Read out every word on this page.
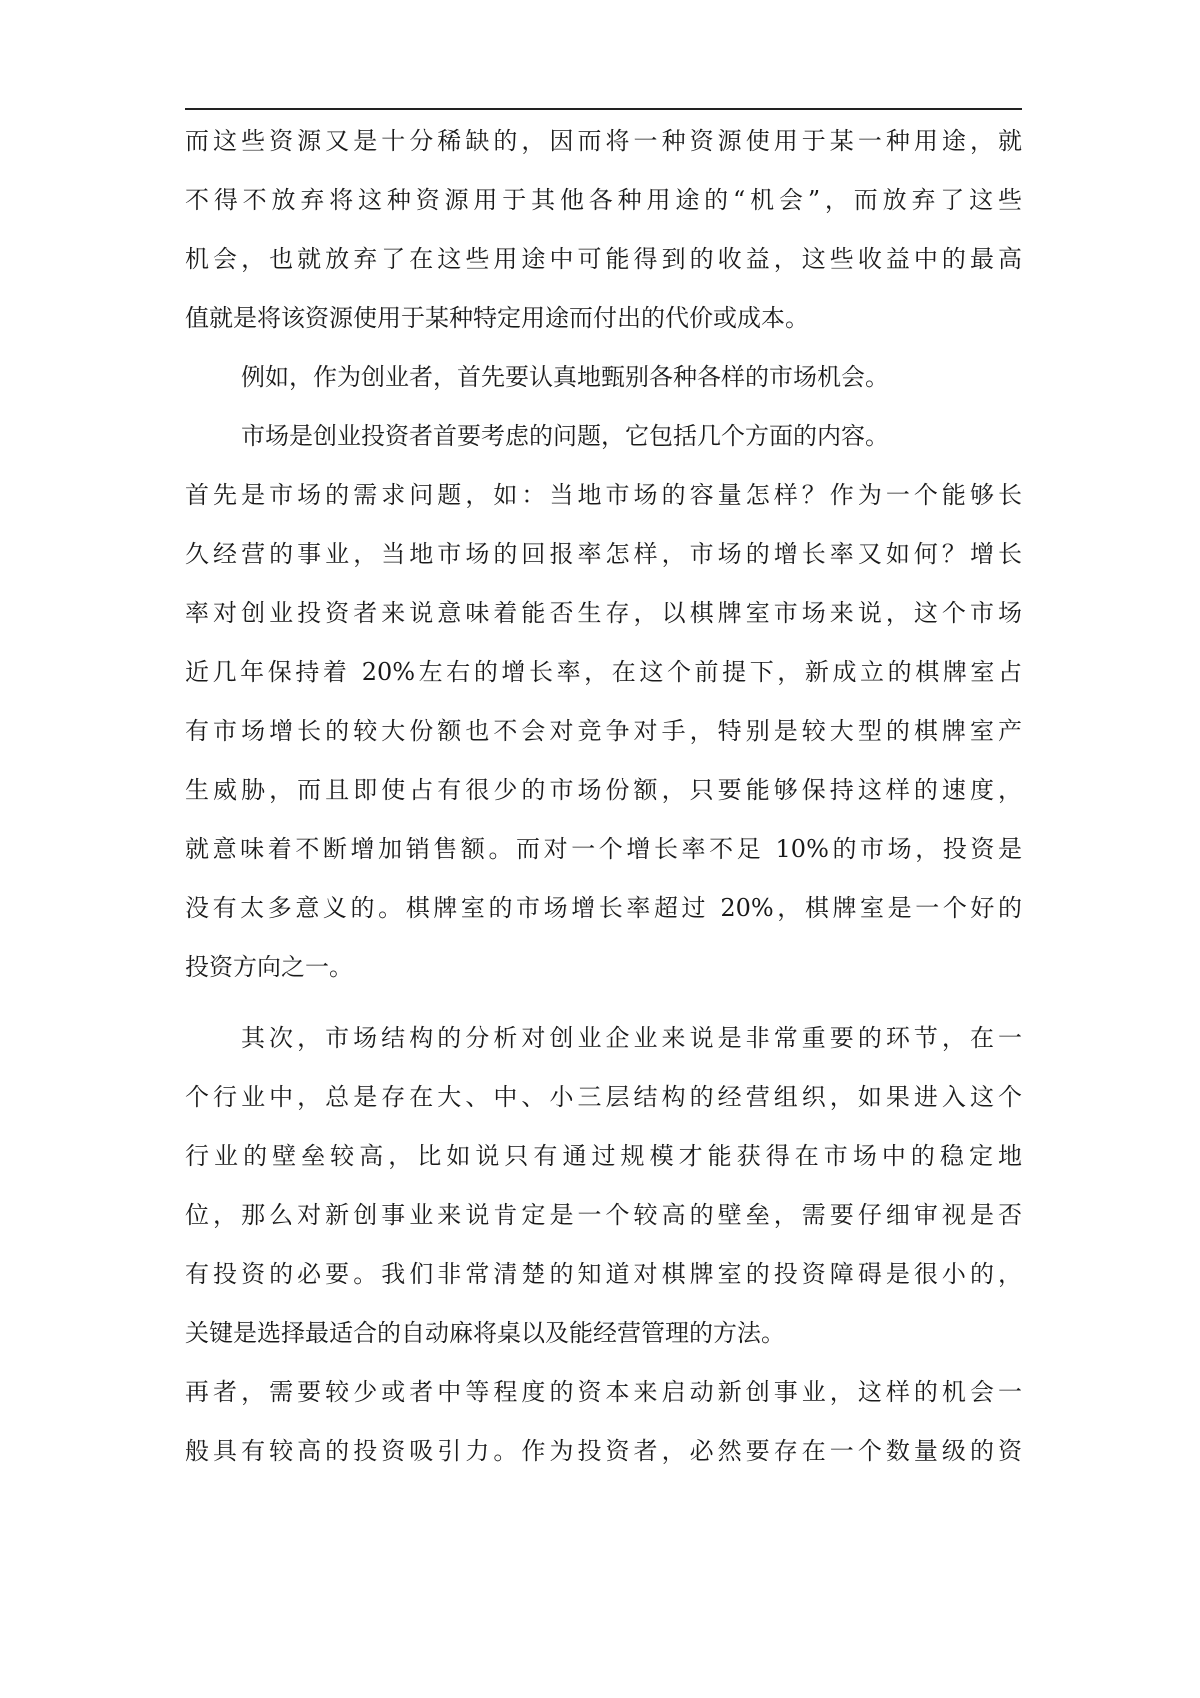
而这些资源又是十分稀缺的，因而将一种资源使用于某一种用途，就
不得不放弃将这种资源用于其他各种用途的“机会”，而放弃了这些
机会，也就放弃了在这些用途中可能得到的收益，这些收益中的最高
值就是将该资源使用于某种特定用途而付出的代价或成本。
例如，作为创业者，首先要认真地甄别各种各样的市场机会。
市场是创业投资者首要考虑的问题，它包括几个方面的内容。
首先是市场的需求问题，如：当地市场的容量怎样？作为一个能够长
久经营的事业，当地市场的回报率怎样，市场的增长率又如何？增长
率对创业投资者来说意味着能否生存，以棋牌室市场来说，这个市场
近几年保持着 20%左右的增长率，在这个前提下，新成立的棋牌室占
有市场增长的较大份额也不会对竞争对手，特别是较大型的棋牌室产
生威胁，而且即使占有很少的市场份额，只要能够保持这样的速度，
就意味着不断增加销售额。而对一个增长率不足 10%的市场，投资是
没有太多意义的。棋牌室的市场增长率超过 20%，棋牌室是一个好的
投资方向之一。
其次，市场结构的分析对创业企业来说是非常重要的环节，在一
个行业中，总是存在大、中、小三层结构的经营组织，如果进入这个
行业的壁垒较高，比如说只有通过规模才能获得在市场中的稳定地
位，那么对新创事业来说肯定是一个较高的壁垒，需要仔细审视是否
有投资的必要。我们非常清楚的知道对棋牌室的投资障碍是很小的，
关键是选择最适合的自动麻将桌以及能经营管理的方法。
再者，需要较少或者中等程度的资本来启动新创事业，这样的机会一
般具有较高的投资吸引力。作为投资者，必然要存在一个数量级的资
